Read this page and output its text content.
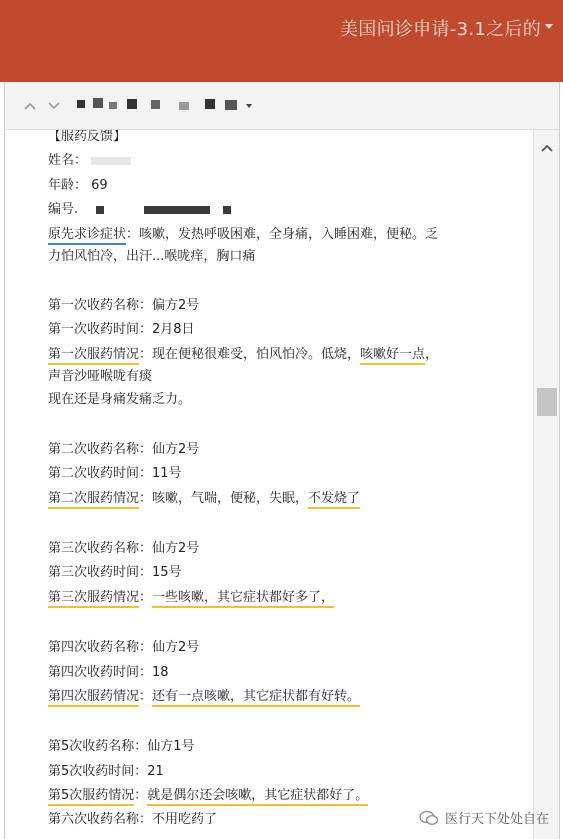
美国问诊申请-3.1之后的
【服药反馈】
姓名：
年龄： 69
编号.
原先求诊症状：咳嗽，发热呼吸困难，全身痛，入睡困难，便秘。乏
力怕风怕冷，出汗...喉咙痒，胸口痛
第一次收药名称：偏方2号
第一次收药时间：2月8日
第一次服药情况：现在便秘很难受，怕风怕冷。低烧，咳嗽好一点，
声音沙哑喉咙有痰
现在还是身痛发痛乏力。
第二次收药名称：仙方2号
第二次收药时间：11号
第二次服药情况：咳嗽，气喘，便秘，失眠，不发烧了
第三次收药名称：仙方2号
第三次收药时间：15号
第三次服药情况：一些咳嗽，其它症状都好多了，
第四次收药名称：仙方2号
第四次收药时间：18
第四次服药情况：还有一点咳嗽，其它症状都有好转。
第5次收药名称：仙方1号
第5次收药时间：21
第5次服药情况：就是偶尔还会咳嗽，其它症状都好了。
第六次收药名称：不用吃药了	医行天下处处自在
